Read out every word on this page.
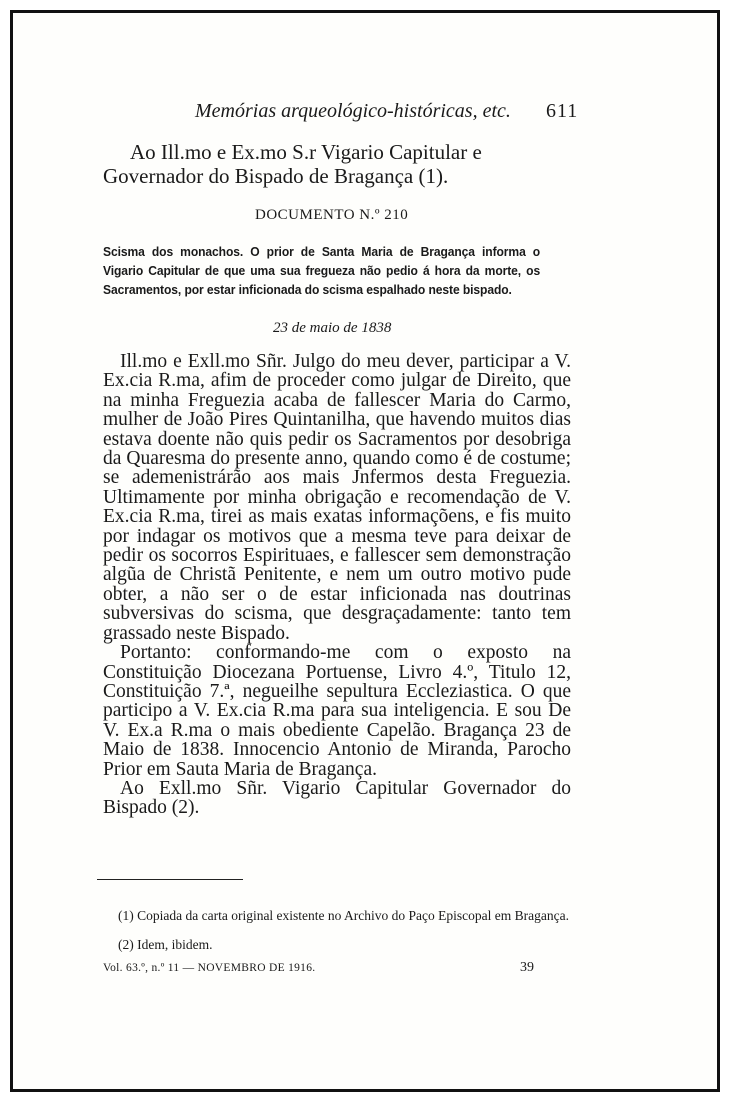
Memórias arqueológico-históricas, etc.	611

Ao Ill.mo e Ex.mo S.r Vigario Capitular e Governador do Bispado de Bragança (1).

DOCUMENTO N.º 210

Scisma dos monachos. O prior de Santa Maria de Bragança informa o Vigario Capitular de que uma sua fregueza não pedio á hora da morte, os Sacramentos, por estar inficionada do scisma espalhado neste bispado.

23 de maio de 1838

Ill.mo e Exll.mo Sñr. Julgo do meu dever, participar a V. Ex.cia R.ma, afim de proceder como julgar de Direito, que na minha Freguezia acaba de fallescer Maria do Carmo, mulher de João Pires Quintanilha, que havendo muitos dias estava doente não quis pedir os Sacramentos por desobriga da Quaresma do presente anno, quando como é de costume; se ademenistrárão aos mais Jnfermos desta Freguezia. Ultimamente por minha obrigação e recomendação de V. Ex.cia R.ma, tirei as mais exatas informaçõens, e fis muito por indagar os motivos que a mesma teve para deixar de pedir os socorros Espirituaes, e fallescer sem demonstração algũa de Christã Penitente, e nem um outro motivo pude obter, a não ser o de estar inficionada nas doutrinas subversivas do scisma, que desgraçadamente: tanto tem grassado neste Bispado.

Portanto: conformando-me com o exposto na Constituição Diocezana Portuense, Livro 4.º, Titulo 12, Constituição 7.ª, negueilhe sepultura Eccleziastica. O que participo a V. Ex.cia R.ma para sua inteligencia. E sou De V. Ex.a R.ma o mais obediente Capelão. Bragança 23 de Maio de 1838. Innocencio Antonio de Miranda, Parocho Prior em Sauta Maria de Bragança.

Ao Exll.mo Sñr. Vigario Capitular Governador do Bispado (2).

(1) Copiada da carta original existente no Archivo do Paço Episcopal em Bragança.

(2) Idem, ibidem.

Vol. 63.º, n.º 11 — NOVEMBRO DE 1916.	39
